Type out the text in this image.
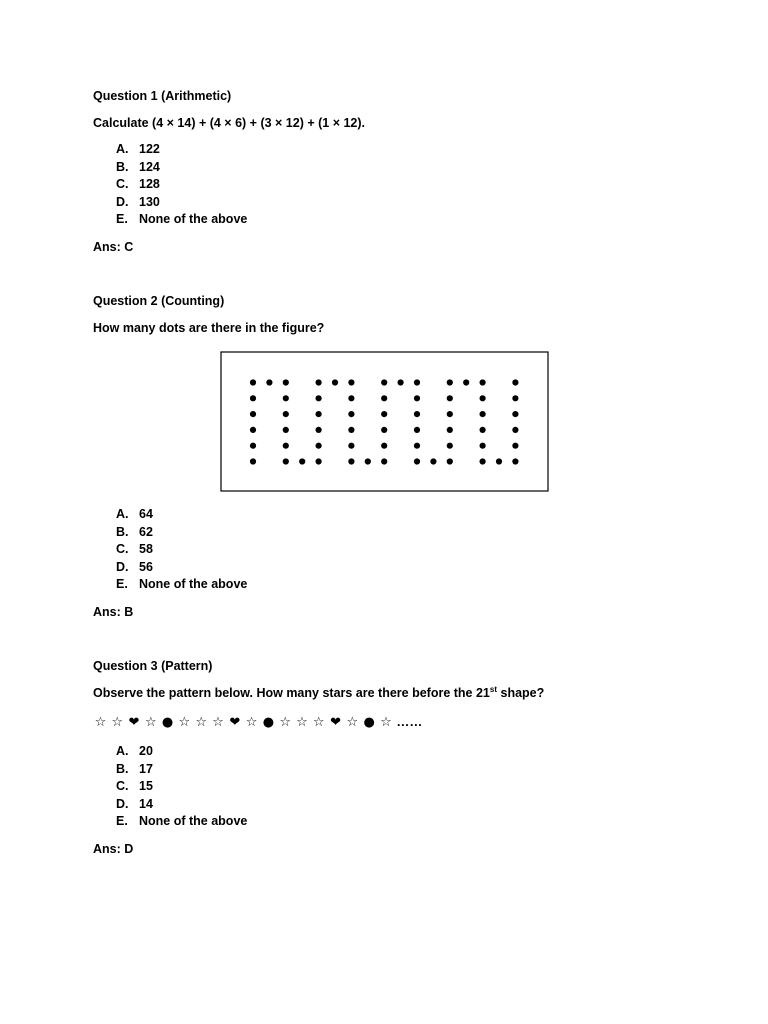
Question 1 (Arithmetic)
Calculate (4 × 14) + (4 × 6) + (3 × 12) + (1 × 12).
A. 122
B. 124
C. 128
D. 130
E. None of the above
Ans: C
Question 2 (Counting)
How many dots are there in the figure?
A. 64
B. 62
C. 58
D. 56
E. None of the above
Ans: B
Question 3 (Pattern)
Observe the pattern below. How many stars are there before the 21st shape?
☆ ☆ ❤ ☆ ● ☆ ☆ ☆ ❤ ☆ ● ☆ ☆ ☆ ❤ ☆ ● ☆ ……
A. 20
B. 17
C. 15
D. 14
E. None of the above
Ans: D
